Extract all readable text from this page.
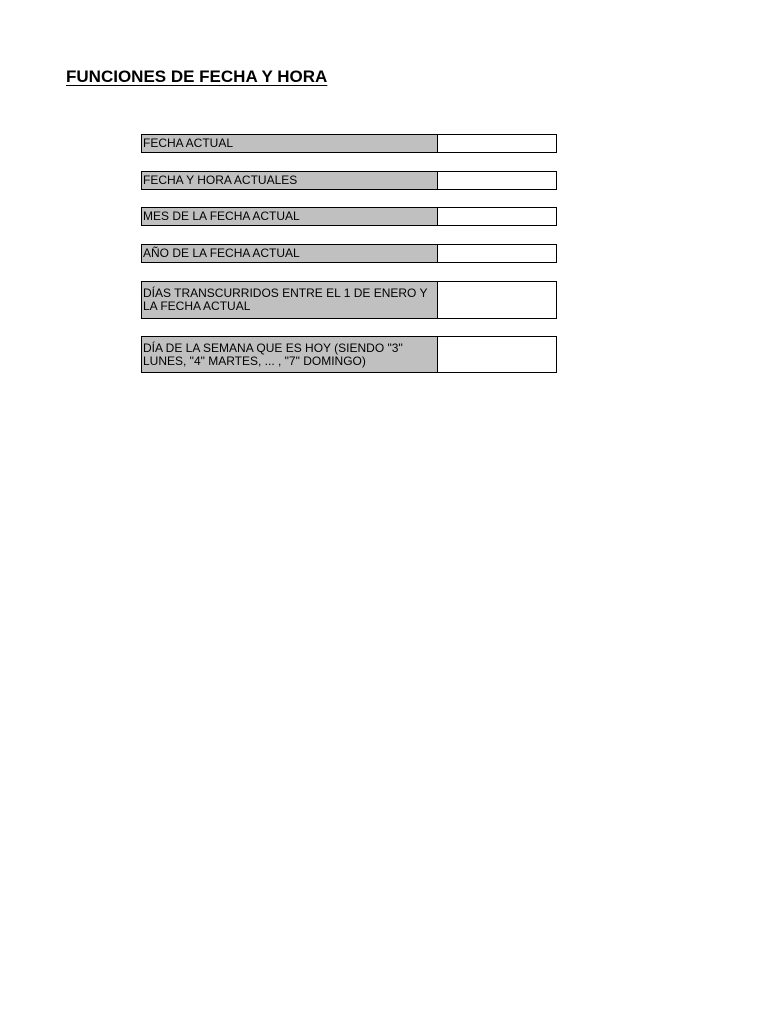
FUNCIONES DE FECHA Y HORA
FECHA ACTUAL
FECHA Y HORA ACTUALES
MES DE LA FECHA ACTUAL
AÑO DE LA FECHA ACTUAL
DÍAS TRANSCURRIDOS ENTRE EL 1 DE ENERO Y LA FECHA ACTUAL
DÍA DE LA SEMANA QUE ES HOY (SIENDO "3" LUNES, "4" MARTES, ... , "7" DOMINGO)
